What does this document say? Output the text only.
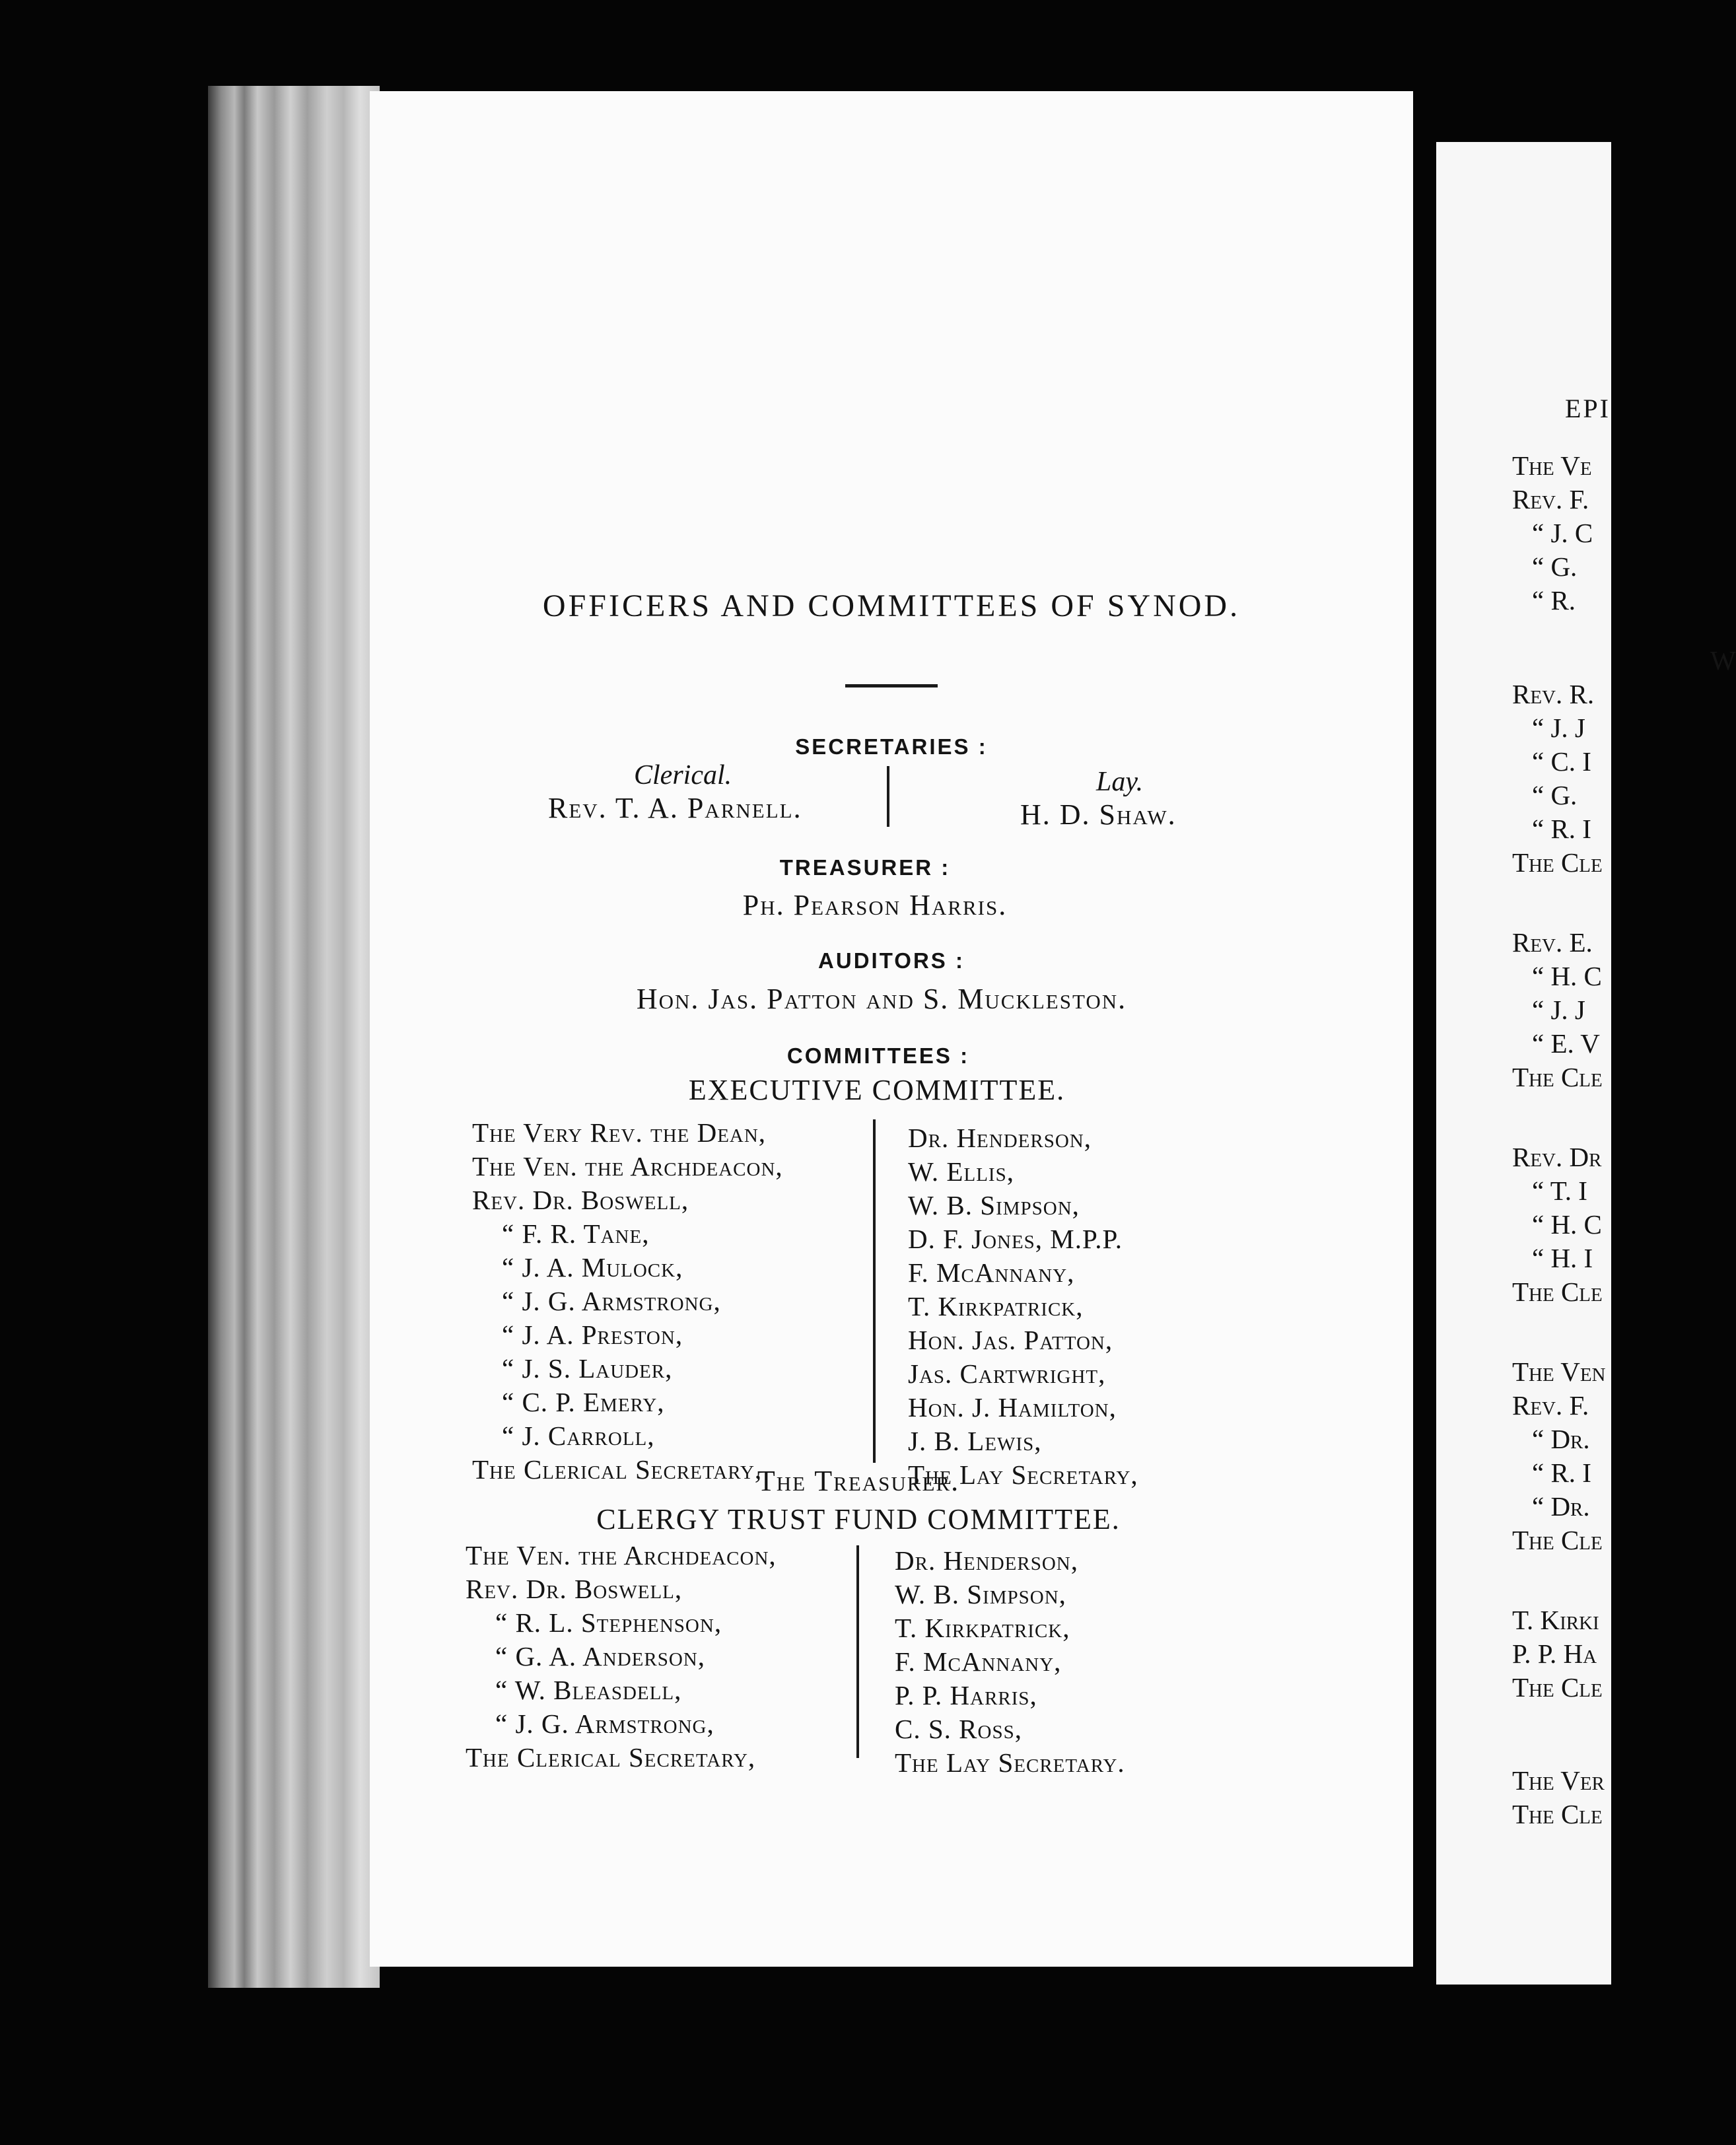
OFFICERS AND COMMITTEES OF SYNOD.
SECRETARIES :
Clerical.	Lay.
Rev. T. A. Parnell.	H. D. Shaw.
TREASURER :
Ph. Pearson Harris.
AUDITORS :
Hon. Jas. Patton and S. Muckleston.
COMMITTEES :
EXECUTIVE COMMITTEE.
The Very Rev. the Dean,
The Ven. the Archdeacon,
Rev. Dr. Boswell,
“ F. R. Tane,
“ J. A. Mulock,
“ J. G. Armstrong,
“ J. A. Preston,
“ J. S. Lauder,
“ C. P. Emery,
“ J. Carroll,
The Clerical Secretary,
Dr. Henderson,
W. Ellis,
W. B. Simpson,
D. F. Jones, M.P.P.
F. McAnnany,
T. Kirkpatrick,
Hon. Jas. Patton,
Jas. Cartwright,
Hon. J. Hamilton,
J. B. Lewis,
The Lay Secretary,
The Treasurer.
CLERGY TRUST FUND COMMITTEE.
The Ven. the Archdeacon,
Rev. Dr. Boswell,
“ R. L. Stephenson,
“ G. A. Anderson,
“ W. Bleasdell,
“ J. G. Armstrong,
The Clerical Secretary,
Dr. Henderson,
W. B. Simpson,
T. Kirkpatrick,
F. McAnnany,
P. P. Harris,
C. S. Ross,
The Lay Secretary.
EPI
The Ve
Rev. F.
“ J. C
“ G.
“ R.
W
Rev. R.
“ J. J
“ C. I
“ G.
“ R. I
The Cle
Rev. E.
“ H. C
“ J. J
“ E. V
The Cle
Rev. Dr
“ T. I
“ H. C
“ H. I
The Cle
The Ven
Rev. F.
“ Dr.
“ R. I
“ Dr.
The Cle
T. Kirki
P. P. Ha
The Cle
The Ver
The Cle
